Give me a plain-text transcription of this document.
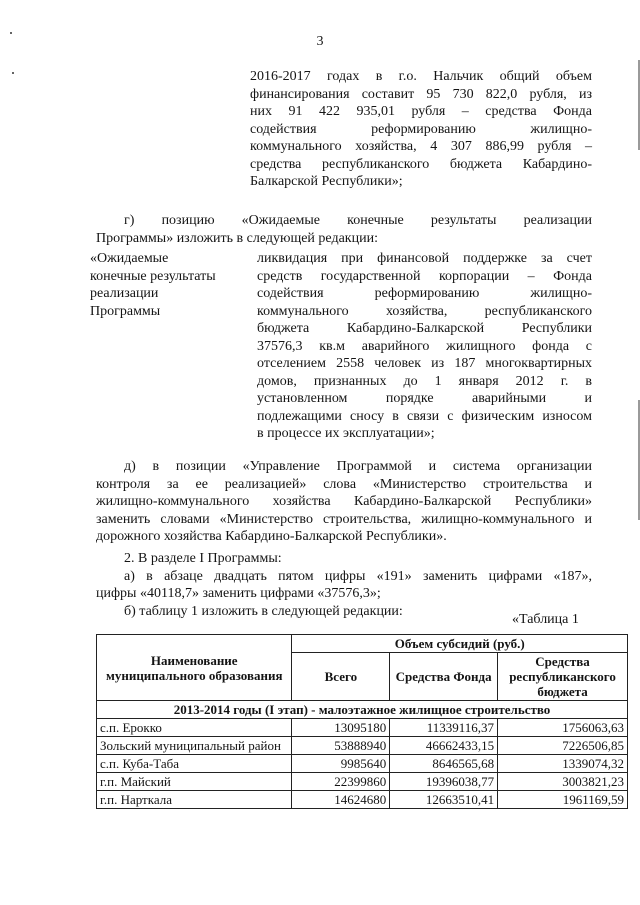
3
2016-2017 годах в г.о. Нальчик общий объем
финансирования составит 95 730 822,0 рубля, из
них 91 422 935,01 рубля – средства Фонда
содействия реформированию жилищно-
коммунального хозяйства, 4 307 886,99 рубля –
средства республиканского бюджета Кабардино-
Балкарской Республики»;
г) позицию «Ожидаемые конечные результаты реализации
Программы» изложить в следующей редакции:
«Ожидаемые
конечные результаты
реализации
Программы
ликвидация при финансовой поддержке за счет
средств государственной корпорации – Фонда
содействия реформированию жилищно-
коммунального хозяйства, республиканского
бюджета Кабардино-Балкарской Республики
37576,3 кв.м аварийного жилищного фонда с
отселением 2558 человек из 187 многоквартирных
домов, признанных до 1 января 2012 г. в
установленном порядке аварийными и
подлежащими сносу в связи с физическим износом
в процессе их эксплуатации»;
д) в позиции «Управление Программой и система организации
контроля за ее реализацией» слова «Министерство строительства и
жилищно-коммунального хозяйства Кабардино-Балкарской Республики»
заменить словами «Министерство строительства, жилищно-коммунального и
дорожного хозяйства Кабардино-Балкарской Республики».
2. В разделе I Программы:
а) в абзаце двадцать пятом цифры «191» заменить цифрами «187»,
цифры «40118,7» заменить цифрами «37576,3»;
б) таблицу 1 изложить в следующей редакции:
«Таблица 1
Наименование муниципального образования	Объем субсидий (руб.)		
	Всего	Средства Фонда	Средства республиканского бюджета
2013-2014 годы (I этап) - малоэтажное жилищное строительство			
с.п. Ерокко	13095180	11339116,37	1756063,63
Зольский муниципальный район	53888940	46662433,15	7226506,85
с.п. Куба-Таба	9985640	8646565,68	1339074,32
г.п. Майский	22399860	19396038,77	3003821,23
г.п. Нарткала	14624680	12663510,41	1961169,59
